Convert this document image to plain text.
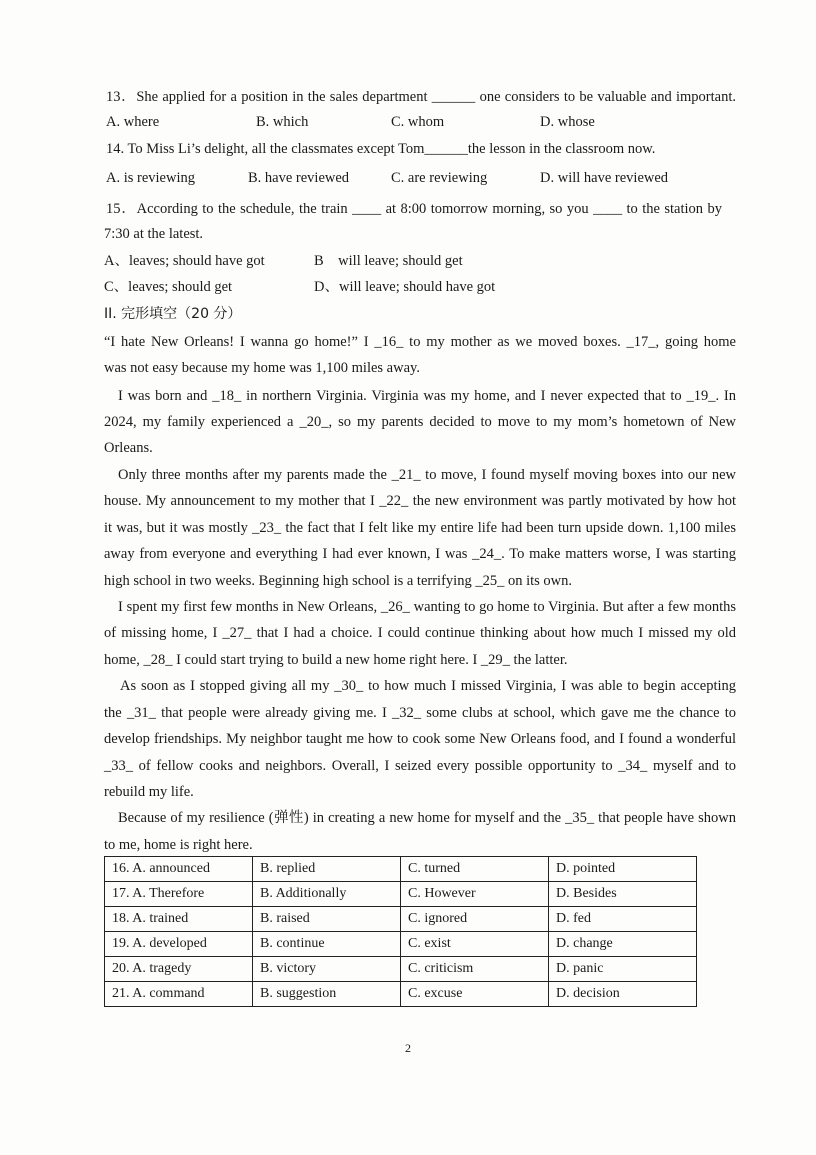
13．She applied for a position in the sales department ______ one considers to be valuable and important.
A. where	B. which	C. whom	D. whose
14. To Miss Li’s delight, all the classmates except Tom______the lesson in the classroom now.
A. is reviewing	B. have reviewed	C. are reviewing	D. will have reviewed
15．According to the schedule, the train ____ at 8:00 tomorrow morning, so you ____ to the station by
7:30 at the latest.
A、leaves; should have got	B　will leave; should get
C、leaves; should get	D、will leave; should have got
II. 完形填空（20 分）
“I hate New Orleans! I wanna go home!” I _16_ to my mother as we moved boxes. _17_, going home
was not easy because my home was 1,100 miles away.
I was born and _18_ in northern Virginia. Virginia was my home, and I never expected that to _19_. In
2024, my family experienced a _20_, so my parents decided to move to my mom’s hometown of New
Orleans.
Only three months after my parents made the _21_ to move, I found myself moving boxes into our new
house. My announcement to my mother that I _22_ the new environment was partly motivated by how hot
it was, but it was mostly _23_ the fact that I felt like my entire life had been turn upside down. 1,100 miles
away from everyone and everything I had ever known, I was _24_. To make matters worse, I was starting
high school in two weeks. Beginning high school is a terrifying _25_ on its own.
I spent my first few months in New Orleans, _26_ wanting to go home to Virginia. But after a few months
of missing home, I _27_ that I had a choice. I could continue thinking about how much I missed my old
home, _28_ I could start trying to build a new home right here. I _29_ the latter.
As soon as I stopped giving all my _30_ to how much I missed Virginia, I was able to begin accepting
the _31_ that people were already giving me. I _32_ some clubs at school, which gave me the chance to
develop friendships. My neighbor taught me how to cook some New Orleans food, and I found a wonderful
_33_ of fellow cooks and neighbors. Overall, I seized every possible opportunity to _34_ myself and to
rebuild my life.
Because of my resilience (弹性) in creating a new home for myself and the _35_ that people have shown
to me, home is right here.
16. A. announced	B. replied	C. turned	D. pointed
17. A. Therefore	B. Additionally	C. However	D. Besides
18. A. trained	B. raised	C. ignored	D. fed
19. A. developed	B. continue	C. exist	D. change
20. A. tragedy	B. victory	C. criticism	D. panic
21. A. command	B. suggestion	C. excuse	D. decision
2
